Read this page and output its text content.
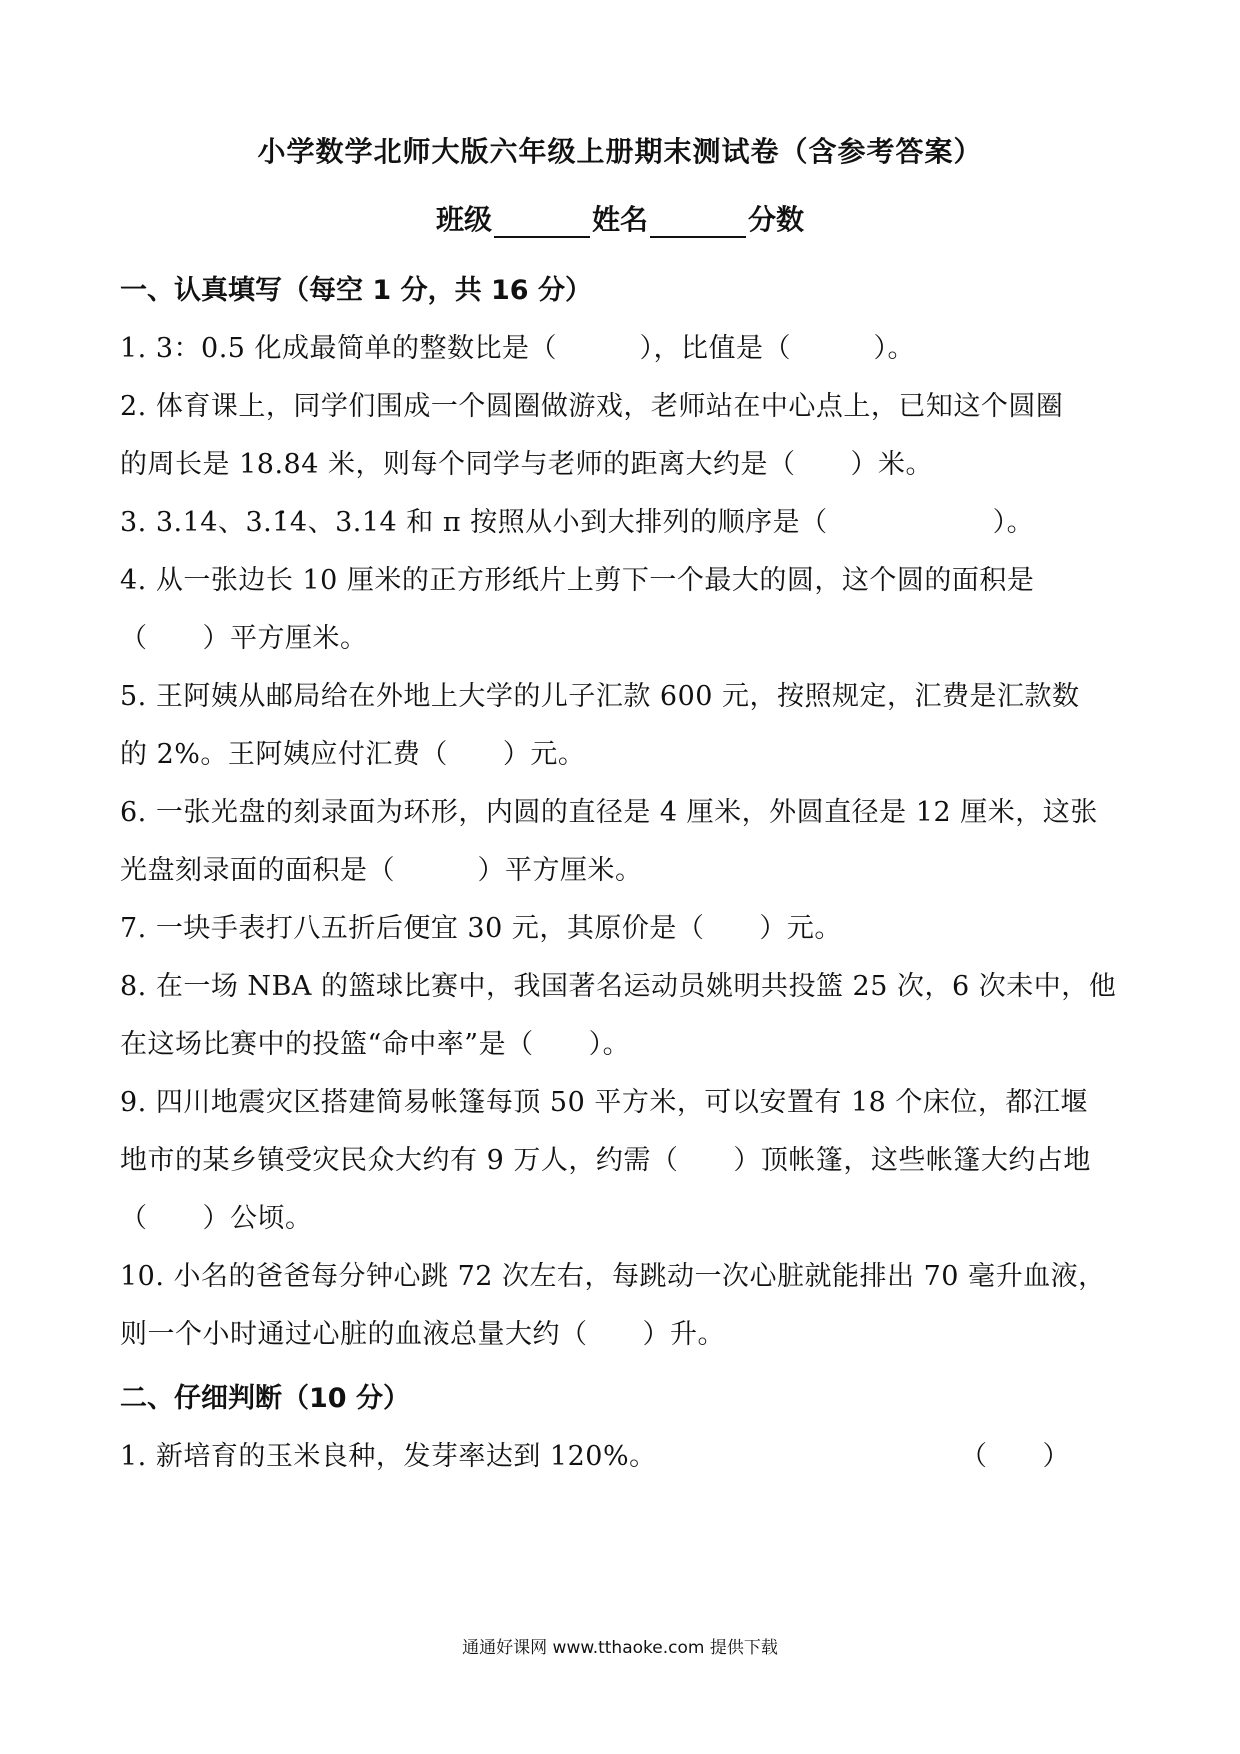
小学数学北师大版六年级上册期末测试卷（含参考答案）
班级	姓名	分数
一、认真填写（每空 1 分，共 16 分）
1. 3：0.5 化成最简单的整数比是（　　　），比值是（　　　）。
2. 体育课上，同学们围成一个圆圈做游戏，老师站在中心点上，已知这个圆圈
的周长是 18.84 米，则每个同学与老师的距离大约是（　　）米。
3. 3.14、3.1̇4̇、3.14̇ 和 π 按照从小到大排列的顺序是（　　　　　　）。
4. 从一张边长 10 厘米的正方形纸片上剪下一个最大的圆，这个圆的面积是
（　　）平方厘米。
5. 王阿姨从邮局给在外地上大学的儿子汇款 600 元，按照规定，汇费是汇款数
的 2%。王阿姨应付汇费（　　）元。
6. 一张光盘的刻录面为环形，内圆的直径是 4 厘米，外圆直径是 12 厘米，这张
光盘刻录面的面积是（　　　）平方厘米。
7. 一块手表打八五折后便宜 30 元，其原价是（　　）元。
8. 在一场 NBA 的篮球比赛中，我国著名运动员姚明共投篮 25 次，6 次未中，他
在这场比赛中的投篮“命中率”是（　　）。
9. 四川地震灾区搭建简易帐篷每顶 50 平方米，可以安置有 18 个床位，都江堰
地市的某乡镇受灾民众大约有 9 万人，约需（　　）顶帐篷，这些帐篷大约占地
（　　）公顷。
10. 小名的爸爸每分钟心跳 72 次左右，每跳动一次心脏就能排出 70 毫升血液，
则一个小时通过心脏的血液总量大约（　　）升。
二、仔细判断（10 分）
1. 新培育的玉米良种，发芽率达到 120%。	（　　）
通通好课网 www.tthaoke.com 提供下载
